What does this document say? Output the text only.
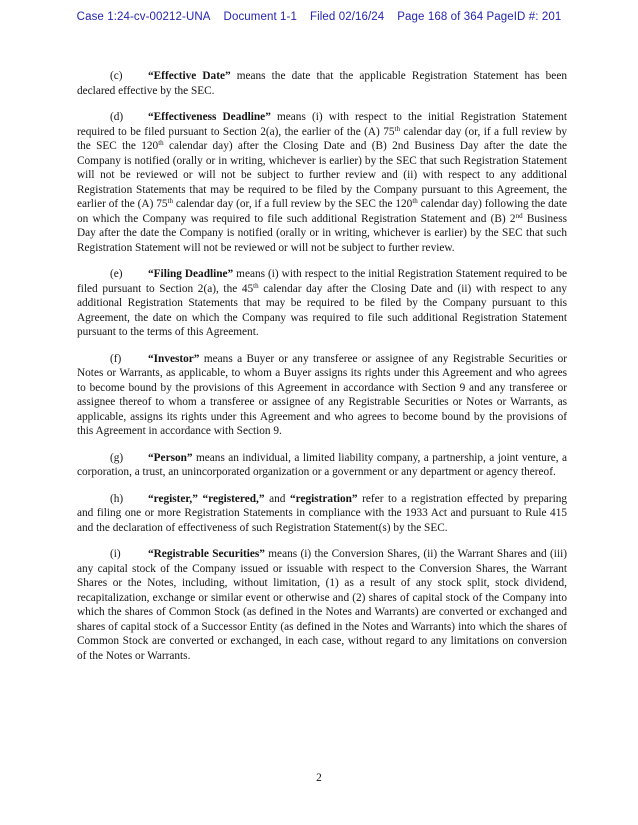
Case 1:24-cv-00212-UNA Document 1-1 Filed 02/16/24 Page 168 of 364 PageID #: 201

(c) “Effective Date” means the date that the applicable Registration Statement has been declared effective by the SEC.

(d) “Effectiveness Deadline” means (i) with respect to the initial Registration Statement required to be filed pursuant to Section 2(a), the earlier of the (A) 75th calendar day (or, if a full review by the SEC the 120th calendar day) after the Closing Date and (B) 2nd Business Day after the date the Company is notified (orally or in writing, whichever is earlier) by the SEC that such Registration Statement will not be reviewed or will not be subject to further review and (ii) with respect to any additional Registration Statements that may be required to be filed by the Company pursuant to this Agreement, the earlier of the (A) 75th calendar day (or, if a full review by the SEC the 120th calendar day) following the date on which the Company was required to file such additional Registration Statement and (B) 2nd Business Day after the date the Company is notified (orally or in writing, whichever is earlier) by the SEC that such Registration Statement will not be reviewed or will not be subject to further review.

(e) “Filing Deadline” means (i) with respect to the initial Registration Statement required to be filed pursuant to Section 2(a), the 45th calendar day after the Closing Date and (ii) with respect to any additional Registration Statements that may be required to be filed by the Company pursuant to this Agreement, the date on which the Company was required to file such additional Registration Statement pursuant to the terms of this Agreement.

(f) “Investor” means a Buyer or any transferee or assignee of any Registrable Securities or Notes or Warrants, as applicable, to whom a Buyer assigns its rights under this Agreement and who agrees to become bound by the provisions of this Agreement in accordance with Section 9 and any transferee or assignee thereof to whom a transferee or assignee of any Registrable Securities or Notes or Warrants, as applicable, assigns its rights under this Agreement and who agrees to become bound by the provisions of this Agreement in accordance with Section 9.

(g) “Person” means an individual, a limited liability company, a partnership, a joint venture, a corporation, a trust, an unincorporated organization or a government or any department or agency thereof.

(h) “register,” “registered,” and “registration” refer to a registration effected by preparing and filing one or more Registration Statements in compliance with the 1933 Act and pursuant to Rule 415 and the declaration of effectiveness of such Registration Statement(s) by the SEC.

(i) “Registrable Securities” means (i) the Conversion Shares, (ii) the Warrant Shares and (iii) any capital stock of the Company issued or issuable with respect to the Conversion Shares, the Warrant Shares or the Notes, including, without limitation, (1) as a result of any stock split, stock dividend, recapitalization, exchange or similar event or otherwise and (2) shares of capital stock of the Company into which the shares of Common Stock (as defined in the Notes and Warrants) are converted or exchanged and shares of capital stock of a Successor Entity (as defined in the Notes and Warrants) into which the shares of Common Stock are converted or exchanged, in each case, without regard to any limitations on conversion of the Notes or Warrants.

2
